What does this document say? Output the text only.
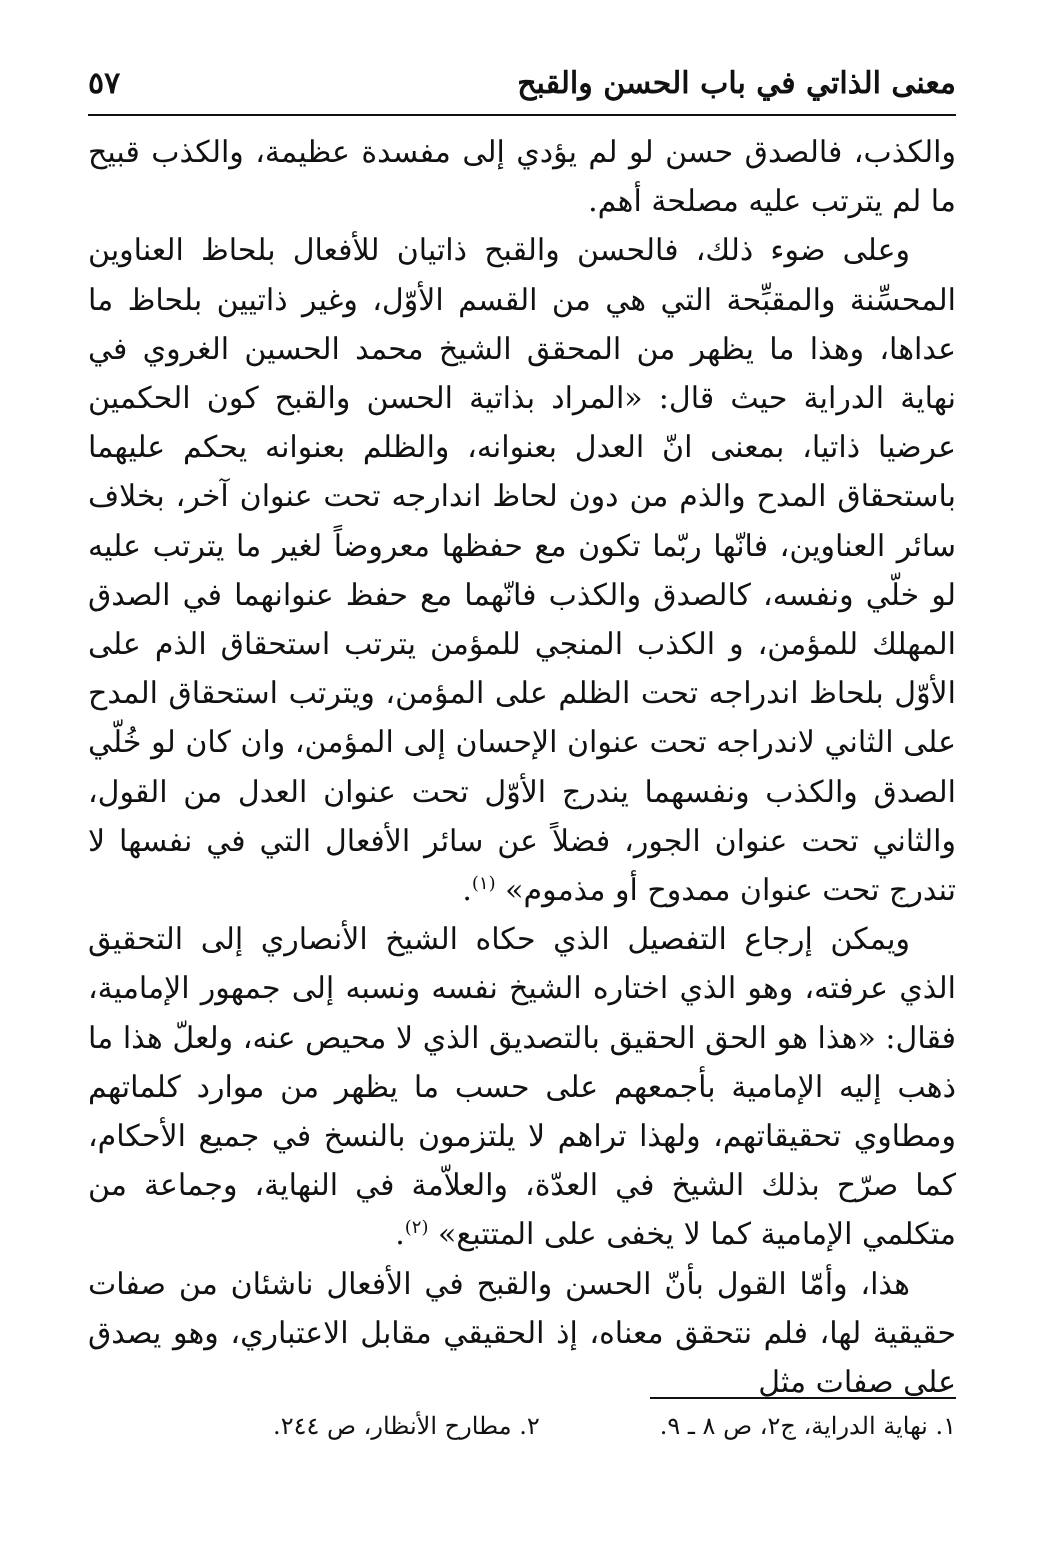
معنى الذاتي في باب الحسن والقبح
٥٧

والكذب، فالصدق حسن لو لم يؤدي إلى مفسدة عظيمة، والكذب قبيح ما لم يترتب عليه مصلحة أهم.

وعلى ضوء ذلك، فالحسن والقبح ذاتيان للأفعال بلحاظ العناوين المحسِّنة والمقبِّحة التي هي من القسم الأوّل، وغير ذاتيين بلحاظ ما عداها، وهذا ما يظهر من المحقق الشيخ محمد الحسين الغروي في نهاية الدراية حيث قال: «المراد بذاتية الحسن والقبح كون الحكمين عرضيا ذاتيا، بمعنى انّ العدل بعنوانه، والظلم بعنوانه يحكم عليهما باستحقاق المدح والذم من دون لحاظ اندارجه تحت عنوان آخر، بخلاف سائر العناوين، فانّها ربّما تكون مع حفظها معروضاً لغير ما يترتب عليه لو خلّي ونفسه، كالصدق والكذب فانّهما مع حفظ عنوانهما في الصدق المهلك للمؤمن، و الكذب المنجي للمؤمن يترتب استحقاق الذم على الأوّل بلحاظ اندراجه تحت الظلم على المؤمن، ويترتب استحقاق المدح على الثاني لاندراجه تحت عنوان الإحسان إلى المؤمن، وان كان لو خُلّي الصدق والكذب ونفسهما يندرج الأوّل تحت عنوان العدل من القول، والثاني تحت عنوان الجور، فضلاً عن سائر الأفعال التي في نفسها لا تندرج تحت عنوان ممدوح أو مذموم» $^{(١)}$.

ويمكن إرجاع التفصيل الذي حكاه الشيخ الأنصاري إلى التحقيق الذي عرفته، وهو الذي اختاره الشيخ نفسه ونسبه إلى جمهور الإمامية، فقال: «هذا هو الحق الحقيق بالتصديق الذي لا محيص عنه، ولعلّ هذا ما ذهب إليه الإمامية بأجمعهم على حسب ما يظهر من موارد كلماتهم ومطاوي تحقيقاتهم، ولهذا تراهم لا يلتزمون بالنسخ في جميع الأحكام، كما صرّح بذلك الشيخ في العدّة، والعلاّمة في النهاية، وجماعة من متكلمي الإمامية كما لا يخفى على المتتبع» $^{(٢)}$.

هذا، وأمّا القول بأنّ الحسن والقبح في الأفعال ناشئان من صفات حقيقية لها، فلم نتحقق معناه، إذ الحقيقي مقابل الاعتباري، وهو يصدق على صفات مثل

١. نهاية الدراية، ج٢، ص ٨ ـ ٩.
٢. مطارح الأنظار، ص ٢٤٤.
